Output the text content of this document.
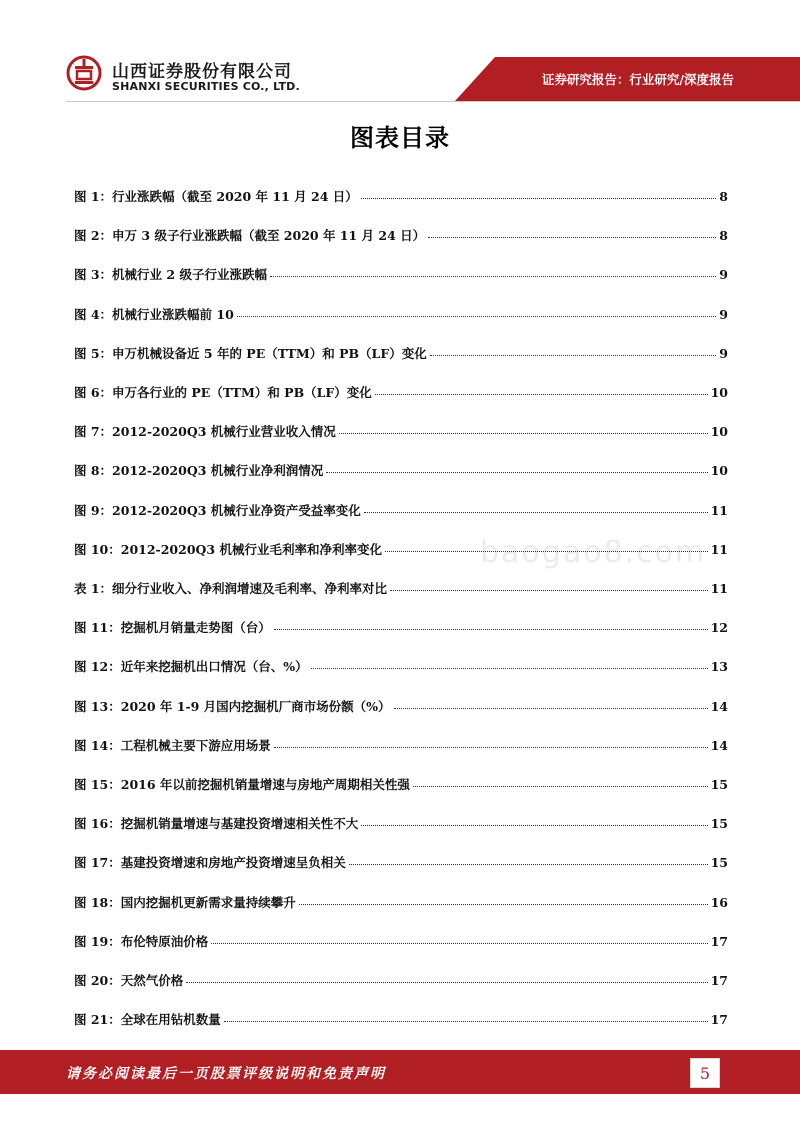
山西证券股份有限公司
SHANXI SECURITIES CO., LTD.	证券研究报告：行业研究/深度报告
图表目录
baogao8.com
图 1：行业涨跌幅（截至 2020 年 11 月 24 日）	8
图 2：申万 3 级子行业涨跌幅（截至 2020 年 11 月 24 日）	8
图 3：机械行业 2 级子行业涨跌幅	9
图 4：机械行业涨跌幅前 10	9
图 5：申万机械设备近 5 年的 PE（TTM）和 PB（LF）变化	9
图 6：申万各行业的 PE（TTM）和 PB（LF）变化	10
图 7：2012-2020Q3 机械行业营业收入情况	10
图 8：2012-2020Q3 机械行业净利润情况	10
图 9：2012-2020Q3 机械行业净资产受益率变化	11
图 10：2012-2020Q3 机械行业毛利率和净利率变化	11
表 1：细分行业收入、净利润增速及毛利率、净利率对比	11
图 11：挖掘机月销量走势图（台）	12
图 12：近年来挖掘机出口情况（台、%）	13
图 13：2020 年 1-9 月国内挖掘机厂商市场份额（%）	14
图 14：工程机械主要下游应用场景	14
图 15：2016 年以前挖掘机销量增速与房地产周期相关性强	15
图 16：挖掘机销量增速与基建投资增速相关性不大	15
图 17：基建投资增速和房地产投资增速呈负相关	15
图 18：国内挖掘机更新需求量持续攀升	16
图 19：布伦特原油价格	17
图 20：天然气价格	17
图 21：全球在用钻机数量	17
请务必阅读最后一页股票评级说明和免责声明	5
